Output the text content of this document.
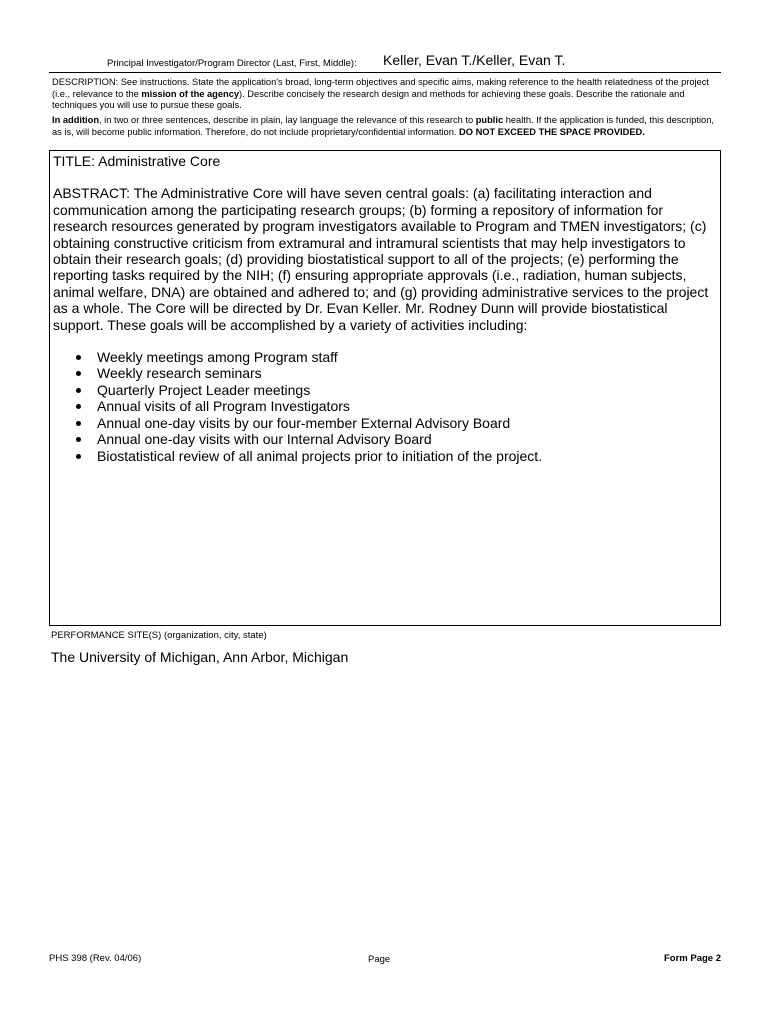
Principal Investigator/Program Director (Last, First, Middle): Keller, Evan T./Keller, Evan T.

DESCRIPTION: See instructions. State the application's broad, long-term objectives and specific aims, making reference to the health relatedness of the project (i.e., relevance to the mission of the agency). Describe concisely the research design and methods for achieving these goals. Describe the rationale and techniques you will use to pursue these goals.

In addition, in two or three sentences, describe in plain, lay language the relevance of this research to public health. If the application is funded, this description, as is, will become public information. Therefore, do not include proprietary/confidential information. DO NOT EXCEED THE SPACE PROVIDED.

TITLE: Administrative Core

ABSTRACT: The Administrative Core will have seven central goals: (a) facilitating interaction and communication among the participating research groups; (b) forming a repository of information for research resources generated by program investigators available to Program and TMEN investigators; (c) obtaining constructive criticism from extramural and intramural scientists that may help investigators to obtain their research goals; (d) providing biostatistical support to all of the projects; (e) performing the reporting tasks required by the NIH; (f) ensuring appropriate approvals (i.e., radiation, human subjects, animal welfare, DNA) are obtained and adhered to; and (g) providing administrative services to the project as a whole. The Core will be directed by Dr. Evan Keller. Mr. Rodney Dunn will provide biostatistical support. These goals will be accomplished by a variety of activities including:

Weekly meetings among Program staff
Weekly research seminars
Quarterly Project Leader meetings
Annual visits of all Program Investigators
Annual one-day visits by our four-member External Advisory Board
Annual one-day visits with our Internal Advisory Board
Biostatistical review of all animal projects prior to initiation of the project.
PERFORMANCE SITE(S) (organization, city, state)
The University of Michigan, Ann Arbor, Michigan
PHS 398 (Rev. 04/06)	Page	Form Page 2
